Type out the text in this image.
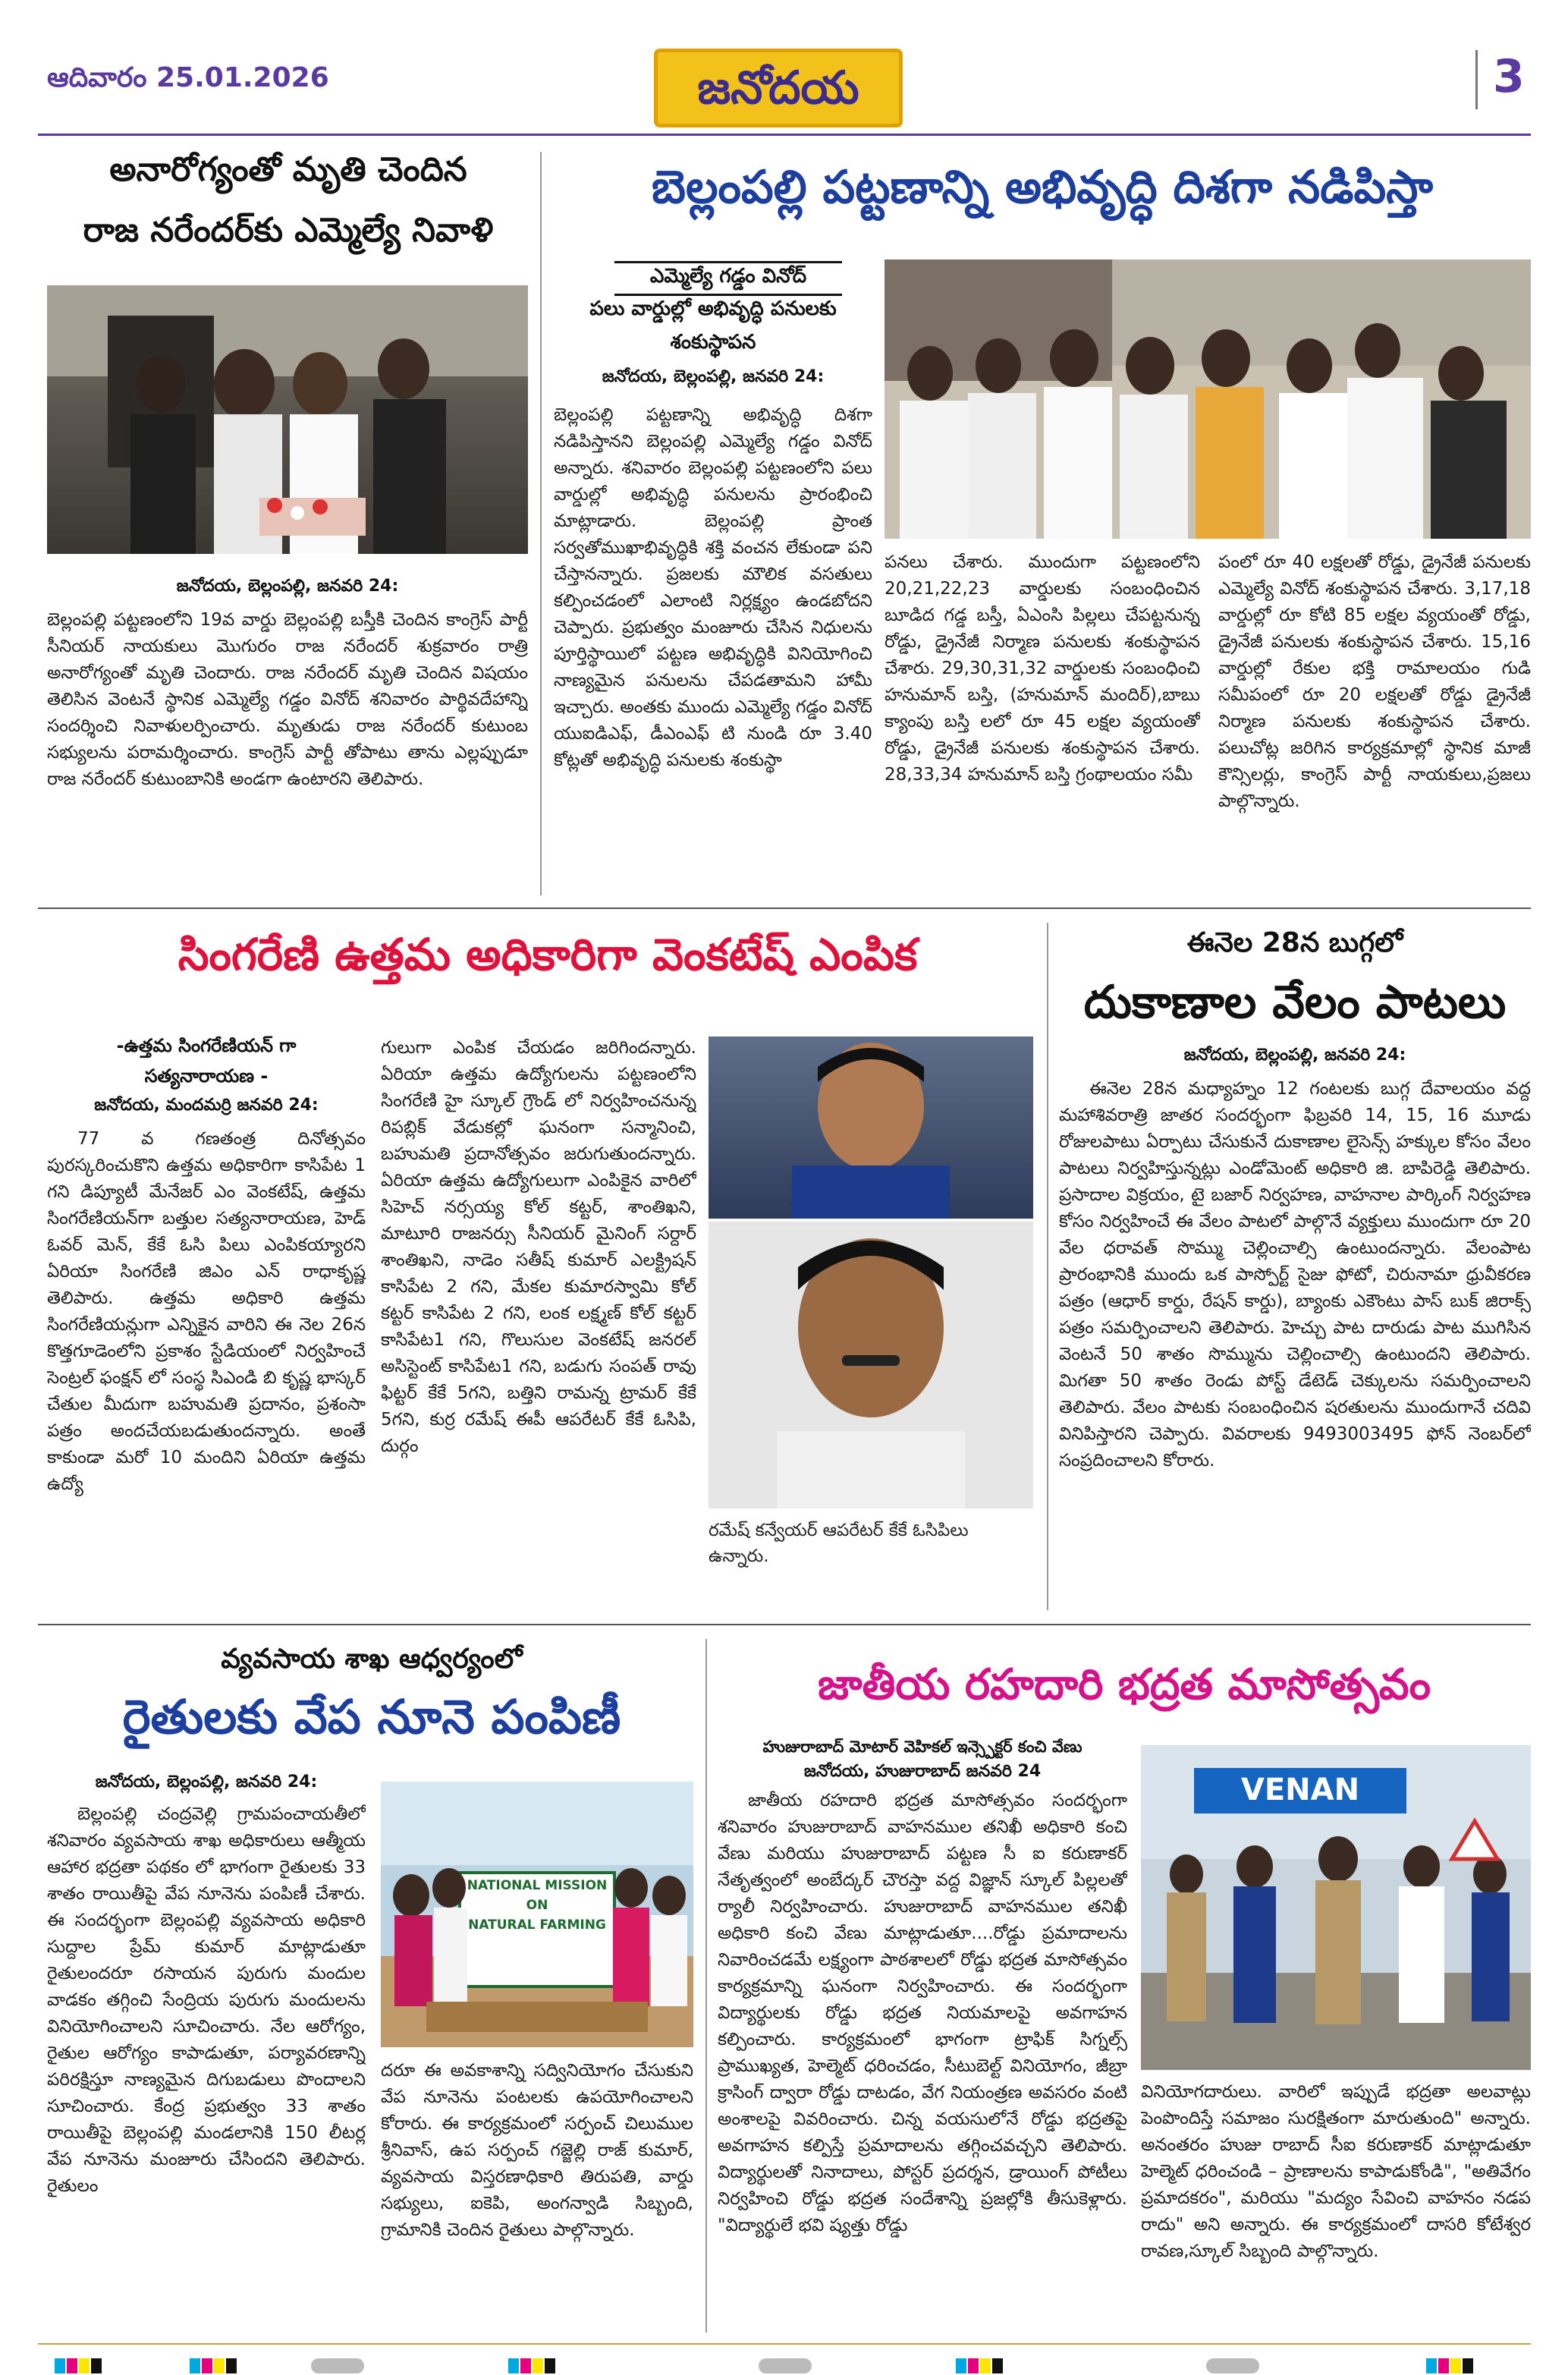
ఆదివారం 25.01.2026	జనోదయ	3
అనారోగ్యంతో మృతి చెందిన
రాజ నరేందర్‌కు ఎమ్మెల్యే నివాళి
జనోదయ, బెల్లంపల్లి, జనవరి 24:
బెల్లంపల్లి పట్టణంలోని 19వ వార్డు బెల్లంపల్లి బస్తీకి చెందిన కాంగ్రెస్ పార్టీ సీనియర్ నాయకులు మొగురం రాజ నరేందర్ శుక్రవారం రాత్రి అనారోగ్యంతో మృతి చెందారు. రాజ నరేందర్ మృతి చెందిన విషయం తెలిసిన వెంటనే స్థానిక ఎమ్మెల్యే గడ్డం వినోద్ శనివారం పార్థివదేహాన్ని సందర్శించి నివాళులర్పించారు. మృతుడు రాజ నరేందర్ కుటుంబ సభ్యులను పరామర్శించారు. కాంగ్రెస్ పార్టీ తోపాటు తాను ఎల్లప్పుడూ రాజ నరేందర్ కుటుంబానికి అండగా ఉంటారని తెలిపారు.
బెల్లంపల్లి పట్టణాన్ని అభివృద్ధి దిశగా నడిపిస్తా
ఎమ్మెల్యే గడ్డం వినోద్
పలు వార్డుల్లో అభివృద్ధి పనులకు
శంకుస్థాపన
జనోదయ, బెల్లంపల్లి, జనవరి 24:
బెల్లంపల్లి పట్టణాన్ని అభివృద్ధి దిశగా నడిపిస్తానని బెల్లంపల్లి ఎమ్మెల్యే గడ్డం వినోద్ అన్నారు. శనివారం బెల్లంపల్లి పట్టణంలోని పలు వార్డుల్లో అభివృద్ధి పనులను ప్రారంభించి మాట్లాడారు. బెల్లంపల్లి ప్రాంత సర్వతోముఖాభివృద్ధికి శక్తి వంచన లేకుండా పని చేస్తానన్నారు. ప్రజలకు మౌలిక వసతులు కల్పించడంలో ఎలాంటి నిర్లక్ష్యం ఉండబోదని చెప్పారు. ప్రభుత్వం మంజూరు చేసిన నిధులను పూర్తిస్థాయిలో పట్టణ అభివృద్ధికి వినియోగించి నాణ్యమైన పనులను చేపడతామని హామీ ఇచ్చారు. అంతకు ముందు ఎమ్మెల్యే గడ్డం వినోద్ యుఐడిఎఫ్, డీఎంఎఫ్ టి నుండి రూ 3.40 కోట్లతో అభివృద్ధి పనులకు శంకుస్థా
పనలు చేశారు. ముందుగా పట్టణంలోని 20,21,22,23 వార్డులకు సంబంధించిన బూడిద గడ్డ బస్తీ, ఏఎంసి పిల్లలు చేపట్టనున్న రోడ్డు, డ్రైనేజీ నిర్మాణ పనులకు శంకుస్థాపన చేశారు. 29,30,31,32 వార్డులకు సంబంధించి హనుమాన్ బస్తి, (హనుమాన్ మందిర్),బాబు క్యాంపు బస్తి లలో రూ 45 లక్షల వ్యయంతో రోడ్డు, డ్రైనేజీ పనులకు శంకుస్థాపన చేశారు. 28,33,34 హనుమాన్ బస్తి గ్రంథాలయం సమీ
పంలో రూ 40 లక్షలతో రోడ్డు, డ్రైనేజీ పనులకు ఎమ్మెల్యే వినోద్ శంకుస్థాపన చేశారు. 3,17,18 వార్డుల్లో రూ కోటి 85 లక్షల వ్యయంతో రోడ్డు, డ్రైనేజీ పనులకు శంకుస్థాపన చేశారు. 15,16 వార్డుల్లో రేకుల భక్తి రామాలయం గుడి సమీపంలో రూ 20 లక్షలతో రోడ్డు డ్రైనేజీ నిర్మాణ పనులకు శంకుస్థాపన చేశారు. పలుచోట్ల జరిగిన కార్యక్రమాల్లో స్థానిక మాజీ కౌన్సిలర్లు, కాంగ్రెస్ పార్టీ నాయకులు,ప్రజలు పాల్గొన్నారు.
సింగరేణి ఉత్తమ అధికారిగా వెంకటేష్ ఎంపిక
-ఉత్తమ సింగరేణియన్ గా
సత్యనారాయణ -
జనోదయ, మందమర్రి జనవరి 24:
77 వ గణతంత్ర దినోత్సవం పురస్కరించుకొని ఉత్తమ అధికారిగా కాసిపేట 1 గని డిప్యూటీ మేనేజర్ ఎం వెంకటేష్, ఉత్తమ సింగరేణియన్‌గా బత్తుల సత్యనారాయణ, హెడ్ ఓవర్ మెన్, కేకే ఓసి పిలు ఎంపికయ్యారని ఏరియా సింగరేణి జిఎం ఎన్ రాధాకృష్ణ తెలిపారు. ఉత్తమ అధికారి ఉత్తమ సింగరేణియన్లుగా ఎన్నికైన వారిని ఈ నెల 26న కొత్తగూడెంలోని ప్రకాశం స్టేడియంలో నిర్వహించే సెంట్రల్ ఫంక్షన్ లో సంస్థ సిఎండి బి కృష్ణ భాస్కర్ చేతుల మీదుగా బహుమతి ప్రదానం, ప్రశంసా పత్రం అందచేయబడుతుందన్నారు. అంతే కాకుండా మరో 10 మందిని ఏరియా ఉత్తమ ఉద్యో
గులుగా ఎంపిక చేయడం జరిగిందన్నారు. ఏరియా ఉత్తమ ఉద్యోగులను పట్టణంలోని సింగరేణి హై స్కూల్ గ్రౌండ్ లో నిర్వహించనున్న రిపబ్లిక్ వేడుకల్లో ఘనంగా సన్మానించి, బహుమతి ప్రదానోత్సవం జరుగుతుందన్నారు. ఏరియా ఉత్తమ ఉద్యోగులుగా ఎంపికైన వారిలో సిహెచ్ నర్సయ్య కోల్ కట్టర్, శాంతిఖని, మాటూరి రాజనర్సు సీనియర్ మైనింగ్ సర్దార్ శాంతిఖని, నాడెం సతీష్ కుమార్ ఎలక్ట్రిషన్ కాసిపేట 2 గని, మేకల కుమారస్వామి కోల్ కట్టర్ కాసిపేట 2 గని, లంక లక్ష్మణ్ కోల్ కట్టర్ కాసిపేట1 గని, గొలుసుల వెంకటేష్ జనరల్ అసిస్టెంట్ కాసిపేట1 గని, బడుగు సంపత్ రావు ఫిట్టర్ కేకే 5గని, బత్తిని రామన్న ట్రామర్ కేకే 5గని, కుర్ర రమేష్ ఈపీ ఆపరేటర్ కేకే ఓసిపి, దుర్గం
రమేష్ కన్వేయర్ ఆపరేటర్ కేకే ఓసిపిలు ఉన్నారు.
ఈనెల 28న బుగ్గలో
దుకాణాల వేలం పాటలు
జనోదయ, బెల్లంపల్లి, జనవరి 24:
ఈనెల 28న మధ్యాహ్నం 12 గంటలకు బుగ్గ దేవాలయం వద్ద మహాశివరాత్రి జాతర సందర్భంగా ఫిబ్రవరి 14, 15, 16 మూడు రోజులపాటు ఏర్పాటు చేసుకునే దుకాణాల లైసెన్స్ హక్కుల కోసం వేలం పాటలు నిర్వహిస్తున్నట్లు ఎండోమెంట్ అధికారి జి. బాపిరెడ్డి తెలిపారు. ప్రసాదాల విక్రయం, టై బజార్ నిర్వహణ, వాహనాల పార్కింగ్ నిర్వహణ కోసం నిర్వహించే ఈ వేలం పాటలో పాల్గొనే వ్యక్తులు ముందుగా రూ 20 వేల ధరావత్ సొమ్ము చెల్లించాల్సి ఉంటుందన్నారు. వేలంపాట ప్రారంభానికి ముందు ఒక పాస్పోర్ట్ సైజు ఫోటో, చిరునామా ధ్రువీకరణ పత్రం (ఆధార్ కార్డు, రేషన్ కార్డు), బ్యాంకు ఎకౌంటు పాస్ బుక్ జిరాక్స్ పత్రం సమర్పించాలని తెలిపారు. హెచ్చు పాట దారుడు పాట ముగిసిన వెంటనే 50 శాతం సొమ్మును చెల్లించాల్సి ఉంటుందని తెలిపారు. మిగతా 50 శాతం రెండు పోస్ట్ డేటెడ్ చెక్కులను సమర్పించాలని తెలిపారు. వేలం పాటకు సంబంధించిన షరతులను ముందుగానే చదివి వినిపిస్తారని చెప్పారు. వివరాలకు 9493003495 ఫోన్ నెంబర్‌లో సంప్రదించాలని కోరారు.
వ్యవసాయ శాఖ ఆధ్వర్యంలో
రైతులకు వేప నూనె పంపిణీ
జనోదయ, బెల్లంపల్లి, జనవరి 24:
బెల్లంపల్లి చంద్రవెల్లి గ్రామపంచాయతీలో శనివారం వ్యవసాయ శాఖ అధికారులు ఆత్మీయ ఆహార భద్రతా పథకం లో భాగంగా రైతులకు 33 శాతం రాయితీపై వేప నూనెను పంపిణీ చేశారు. ఈ సందర్భంగా బెల్లంపల్లి వ్యవసాయ అధికారి సుద్దాల ప్రేమ్ కుమార్ మాట్లాడుతూ రైతులందరూ రసాయన పురుగు మందుల వాడకం తగ్గించి సేంద్రియ పురుగు మందులను వినియోగించాలని సూచించారు. నేల ఆరోగ్యం, రైతుల ఆరోగ్యం కాపాడుతూ, పర్యావరణాన్ని పరిరక్షిస్తూ నాణ్యమైన దిగుబడులు పొందాలని సూచించారు. కేంద్ర ప్రభుత్వం 33 శాతం రాయితీపై బెల్లంపల్లి మండలానికి 150 లీటర్ల వేప నూనెను మంజూరు చేసిందని తెలిపారు. రైతులం
NATIONAL MISSION
ON
NATURAL FARMING
దరూ ఈ అవకాశాన్ని సద్వినియోగం చేసుకుని వేప నూనెను పంటలకు ఉపయోగించాలని కోరారు. ఈ కార్యక్రమంలో సర్పంచ్ చిలుముల శ్రీనివాస్, ఉప సర్పంచ్ గజ్జెల్లి రాజ్ కుమార్, వ్యవసాయ విస్తరణాధికారి తిరుపతి, వార్డు సభ్యులు, ఐకెపి, అంగన్వాడి సిబ్బంది, గ్రామానికి చెందిన రైతులు పాల్గొన్నారు.
జాతీయ రహదారి భద్రత మాసోత్సవం
హుజురాబాద్ మోటార్ వెహికల్ ఇన్స్పెక్టర్ కంచి వేణు
జనోదయ, హుజురాబాద్ జనవరి 24
జాతీయ రహదారి భద్రత మాసోత్సవం సందర్భంగా శనివారం హుజురాబాద్ వాహనముల తనిఖీ అధికారి కంచి వేణు మరియు హుజురాబాద్ పట్టణ సీ ఐ కరుణాకర్ నేతృత్వంలో అంబేద్కర్ చౌరస్తా వద్ద విజ్ఞాన్ స్కూల్ పిల్లలతో ర్యాలీ నిర్వహించారు. హుజురాబాద్ వాహనముల తనిఖీ అధికారి కంచి వేణు మాట్లాడుతూ....రోడ్డు ప్రమాదాలను నివారించడమే లక్ష్యంగా పాఠశాలలో రోడ్డు భద్రత మాసోత్సవం కార్యక్రమాన్ని ఘనంగా నిర్వహించారు. ఈ సందర్భంగా విద్యార్థులకు రోడ్డు భద్రత నియమాలపై అవగాహన కల్పించారు. కార్యక్రమంలో భాగంగా ట్రాఫిక్ సిగ్నల్స్ ప్రాముఖ్యత, హెల్మెట్ ధరించడం, సీటుబెల్ట్ వినియోగం, జీబ్రా క్రాసింగ్ ద్వారా రోడ్డు దాటడం, వేగ నియంత్రణ అవసరం వంటి అంశాలపై వివరించారు. చిన్న వయసులోనే రోడ్డు భద్రతపై అవగాహన కల్పిస్తే ప్రమాదాలను తగ్గించవచ్చని తెలిపారు. విద్యార్థులతో నినాదాలు, పోస్టర్ ప్రదర్శన, డ్రాయింగ్ పోటీలు నిర్వహించి రోడ్డు భద్రత సందేశాన్ని ప్రజల్లోకి తీసుకెళ్లారు. "విద్యార్థులే భవి ష్యత్తు రోడ్డు
VENAN
వినియోగదారులు. వారిలో ఇప్పుడే భద్రతా అలవాట్లు పెంపొందిస్తే సమాజం సురక్షితంగా మారుతుంది" అన్నారు. అనంతరం హుజు రాబాద్ సీఐ కరుణాకర్ మాట్లాడుతూ హెల్మెట్ ధరించండి – ప్రాణాలను కాపాడుకోండి", "అతివేగం ప్రమాదకరం", మరియు "మద్యం సేవించి వాహనం నడప రాదు" అని అన్నారు. ఈ కార్యక్రమంలో దాసరి కోటేశ్వర రావణ,స్కూల్ సిబ్బంది పాల్గొన్నారు.
